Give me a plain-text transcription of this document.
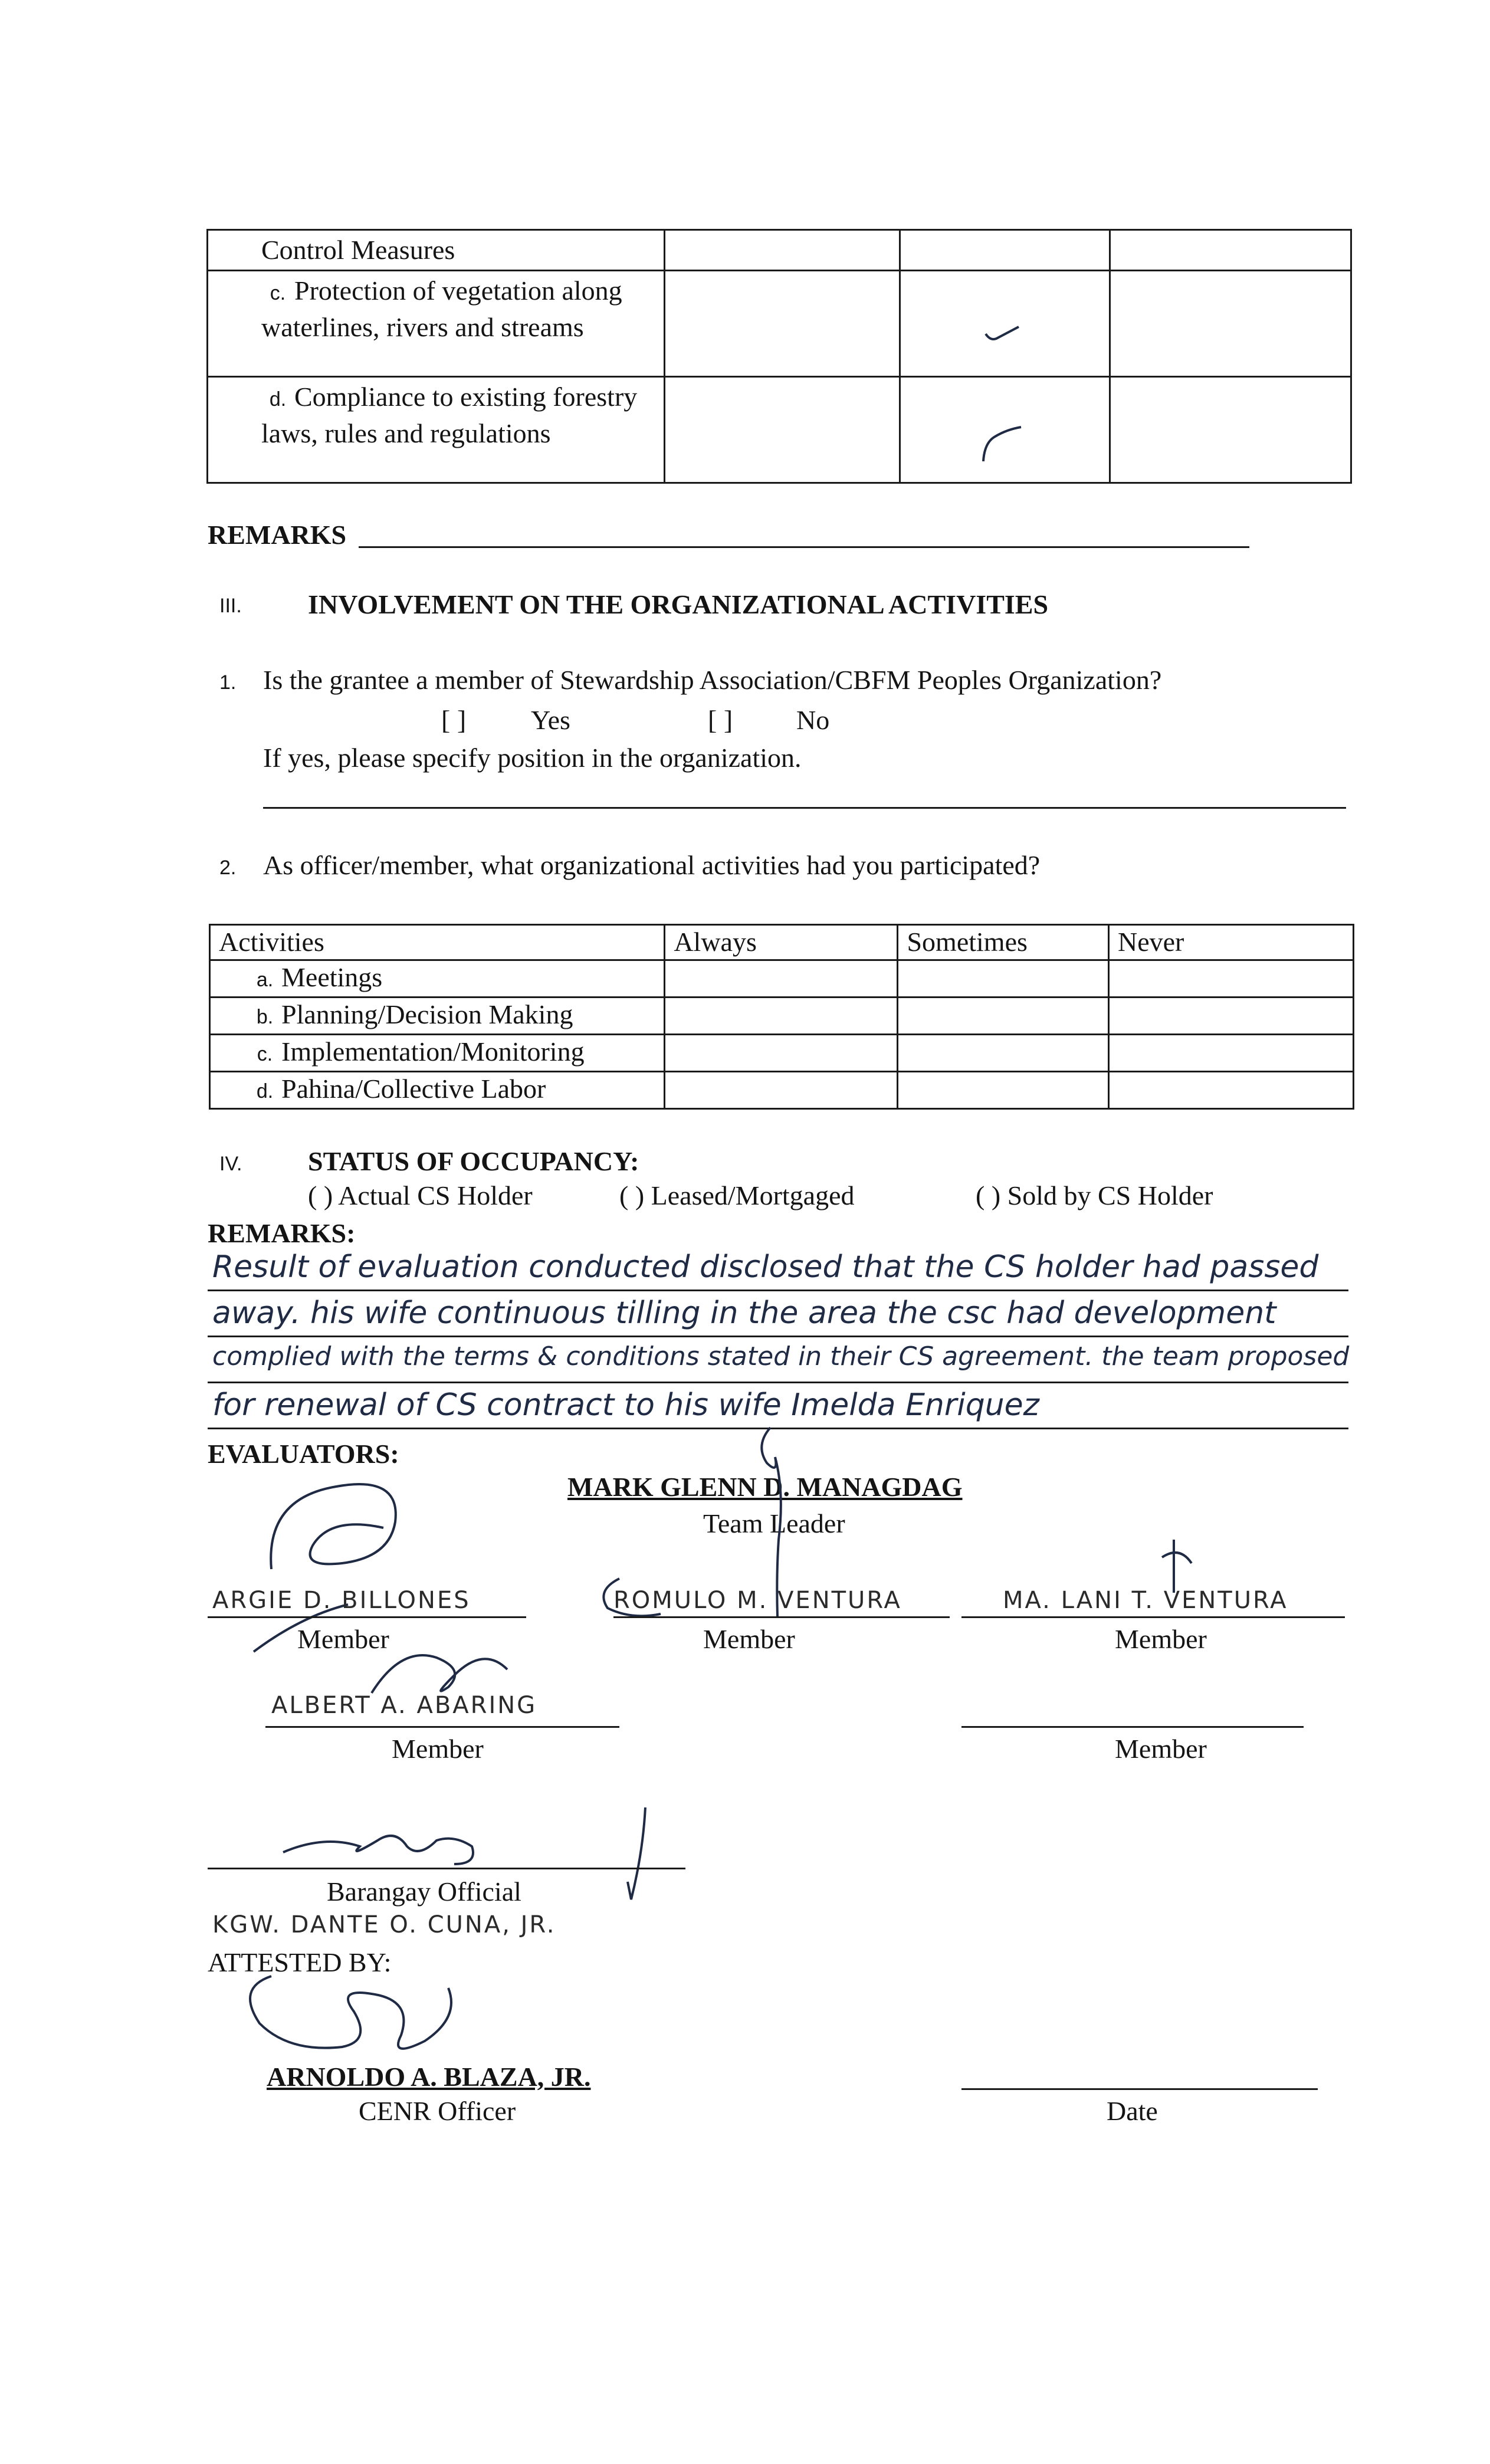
Control Measures			
c. Protection of vegetation along waterlines, rivers and streams		

d. Compliance to existing forestry laws, rules and regulations		

REMARKS
III. INVOLVEMENT ON THE ORGANIZATIONAL ACTIVITIES
1. Is the grantee a member of Stewardship Association/CBFM Peoples Organization?
[ ] Yes	[ ] No
If yes, please specify position in the organization.
2. As officer/member, what organizational activities had you participated?
Activities	Always	Sometimes	Never
a. Meetings			
b. Planning/Decision Making			
c. Implementation/Monitoring			
d. Pahina/Collective Labor			
IV. STATUS OF OCCUPANCY:
( ) Actual CS Holder	( ) Leased/Mortgaged	( ) Sold by CS Holder
REMARKS:
Result of evaluation conducted disclosed that the CS holder had passed
away. his wife continuous tilling in the area the csc had development
complied with the terms & conditions stated in their CS agreement. the team proposed
for renewal of CS contract to his wife Imelda Enriquez
EVALUATORS:
MARK GLENN D. MANAGDAG
Team Leader
ARGIE D. BILLONES
Member
ROMULO M. VENTURA
Member
MA. LANI T. VENTURA
Member
ALBERT A. ABARING
Member	Member
Barangay Official
KGW. DANTE O. CUNA, JR.
ATTESTED BY:
ARNOLDO A. BLAZA, JR.
CENR Officer	Date
